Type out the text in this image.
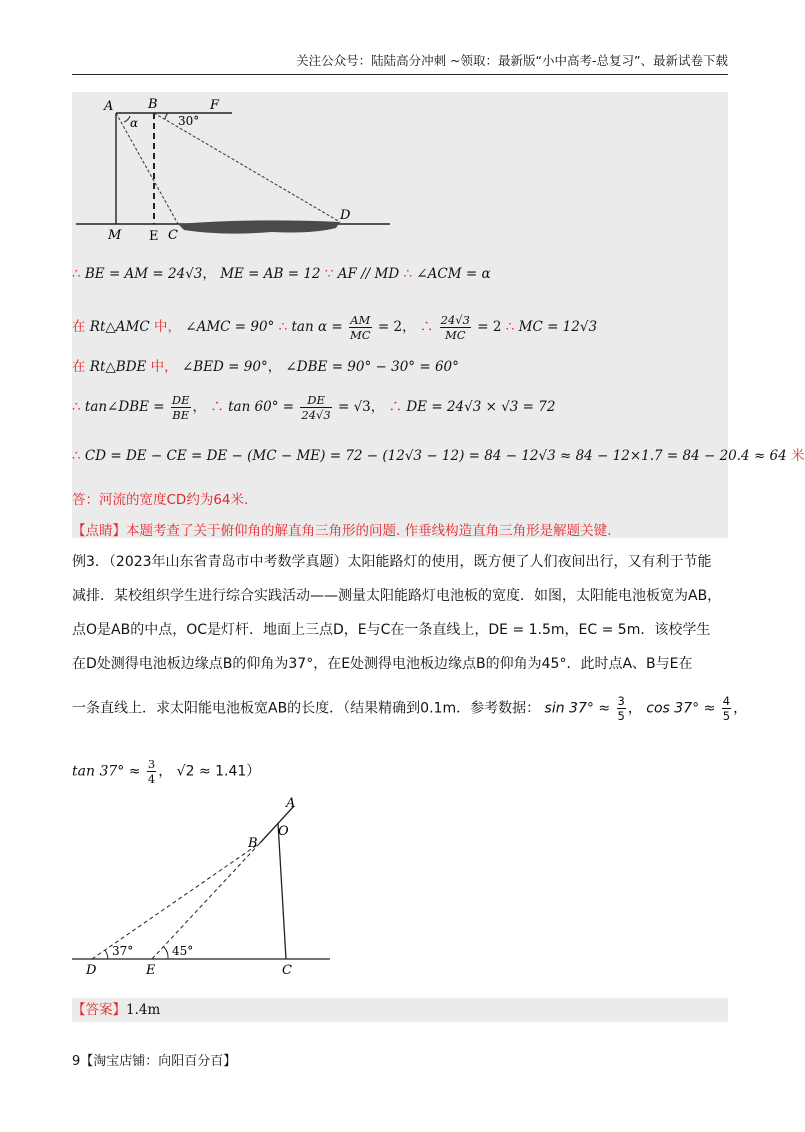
关注公众号：陆陆高分冲刺 ~领取：最新版“小中高考-总复习”、最新试卷下载
A	B	F
α	30°
D
M E C
∴ BE = AM = 24√3， ME = AB = 12 ∵ AF // MD ∴ ∠ACM = α
在 Rt△AMC 中， ∠AMC = 90° ∴ $\tan \alpha = \frac{AM}{MC} = 2$， ∴ $\frac{24√3}{MC} = 2$ ∴ MC = 12√3
在 Rt△BDE 中， ∠BED = 90°， ∠DBE = 90° − 30° = 60°
∴ tan∠DBE = $\frac{DE}{BE}$ ， ∴ $\tan 60^\circ = \frac{DE}{24√3} = √3$， ∴ DE = 24√3 × √3 = 72
∴ CD = DE − CE = DE − (MC − ME) = 72 − (12√3 − 12) = 84 − 12√3 ≈ 84 − 12×1.7 = 84 − 20.4 ≈ 64 米
答：河流的宽度CD约为64米.
【点睛】本题考查了关于俯仰角的解直角三角形的问题. 作垂线构造直角三角形是解题关键.
例3．（2023年山东省青岛市中考数学真题）太阳能路灯的使用，既方便了人们夜间出行，又有利于节能
减排．某校组织学生进行综合实践活动——测量太阳能路灯电池板的宽度．如图，太阳能电池板宽为AB，
点O是AB的中点，OC是灯杆．地面上三点D，E与C在一条直线上，DE = 1.5m，EC = 5m．该校学生
在D处测得电池板边缘点B的仰角为37°，在E处测得电池板边缘点B的仰角为45°．此时点A、B与E在
一条直线上．求太阳能电池板宽AB的长度．（结果精确到0.1m．参考数据： $\sin 37^\circ \approx \frac{3}{5}$ ， $\cos 37^\circ \approx \frac{4}{5}$ ，
$\tan 37^\circ \approx \frac{3}{4}$ ， √2 ≈ 1.41）
A
O
B
D	E	C
37°	45°
【答案】1.4m
9【淘宝店铺：向阳百分百】
